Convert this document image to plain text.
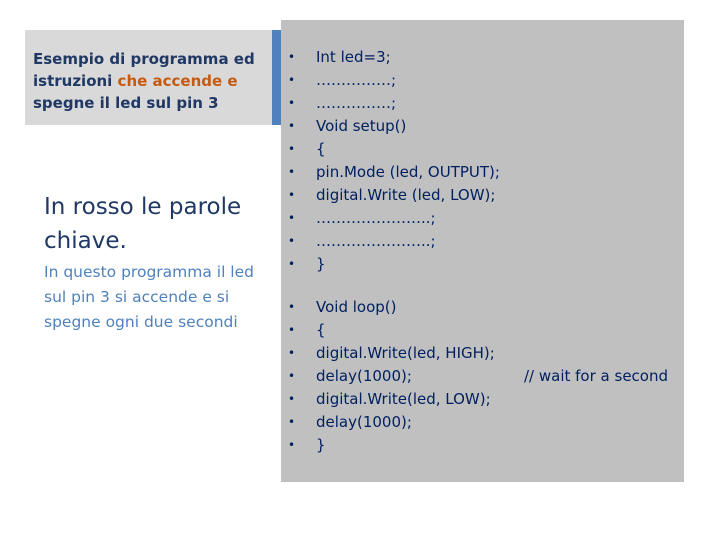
Esempio di programma ed istruzioni che accende e spegne il led sul pin 3
In rosso le parole chiave.
In questo programma il led sul pin 3 si accende e si spegne ogni due secondi
• Int led=3;
• ……………;
• ……………;
• Void setup()
• {
• pin.Mode (led, OUTPUT);
• digital.Write (led, LOW);
• …………………..;
• …………………..;
• }
• Void loop()
• {
• digital.Write(led, HIGH);
• delay(1000);	// wait for a second
• digital.Write(led, LOW);
• delay(1000);
• }
